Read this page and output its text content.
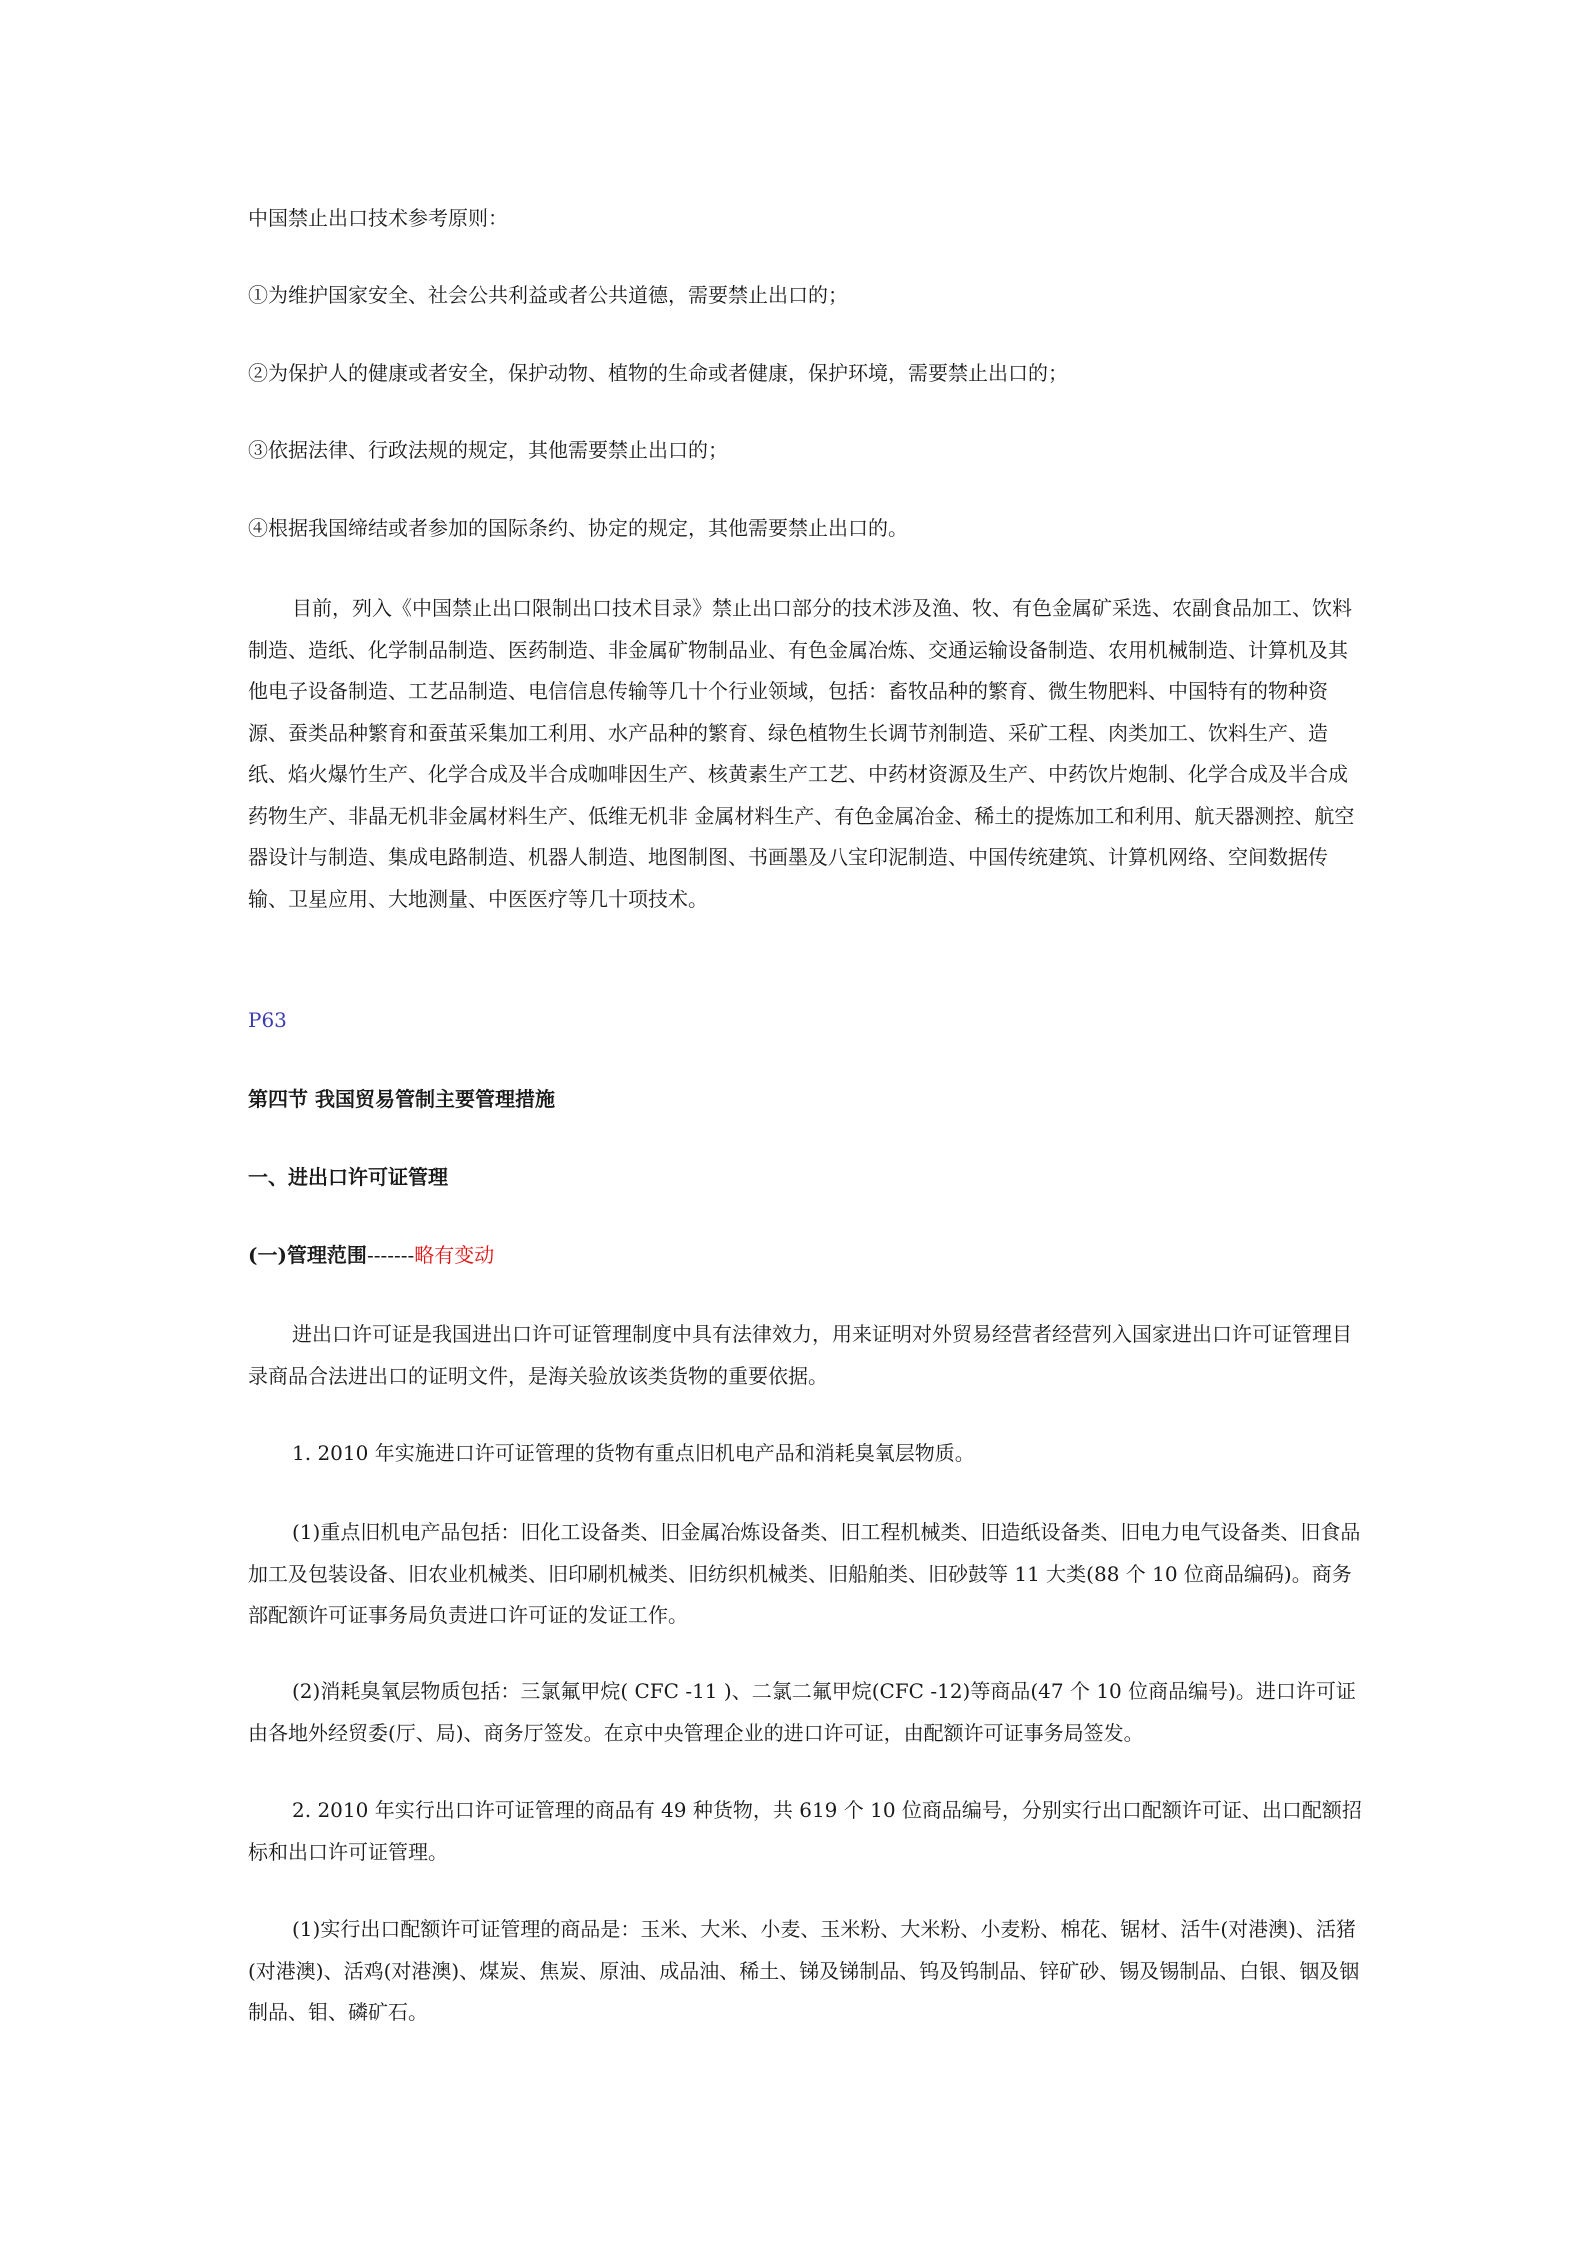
中国禁止出口技术参考原则：

①为维护国家安全、社会公共利益或者公共道德，需要禁止出口的；

②为保护人的健康或者安全，保护动物、植物的生命或者健康，保护环境，需要禁止出口的；

③依据法律、行政法规的规定，其他需要禁止出口的；

④根据我国缔结或者参加的国际条约、协定的规定，其他需要禁止出口的。

目前，列入《中国禁止出口限制出口技术目录》禁止出口部分的技术涉及渔、牧、有色金属矿采选、农副食品加工、饮料制造、造纸、化学制品制造、医药制造、非金属矿物制品业、有色金属冶炼、交通运输设备制造、农用机械制造、计算机及其他电子设备制造、工艺品制造、电信信息传输等几十个行业领域，包括：畜牧品种的繁育、微生物肥料、中国特有的物种资源、蚕类品种繁育和蚕茧采集加工利用、水产品种的繁育、绿色植物生长调节剂制造、采矿工程、肉类加工、饮料生产、造纸、焰火爆竹生产、化学合成及半合成咖啡因生产、核黄素生产工艺、中药材资源及生产、中药饮片炮制、化学合成及半合成药物生产、非晶无机非金属材料生产、低维无机非 金属材料生产、有色金属冶金、稀土的提炼加工和利用、航天器测控、航空器设计与制造、集成电路制造、机器人制造、地图制图、书画墨及八宝印泥制造、中国传统建筑、计算机网络、空间数据传输、卫星应用、大地测量、中医医疗等几十项技术。

P63

第四节 我国贸易管制主要管理措施

一、进出口许可证管理

(一)管理范围-------略有变动

进出口许可证是我国进出口许可证管理制度中具有法律效力，用来证明对外贸易经营者经营列入国家进出口许可证管理目录商品合法进出口的证明文件，是海关验放该类货物的重要依据。

1. 2010 年实施进口许可证管理的货物有重点旧机电产品和消耗臭氧层物质。

(1)重点旧机电产品包括：旧化工设备类、旧金属冶炼设备类、旧工程机械类、旧造纸设备类、旧电力电气设备类、旧食品加工及包装设备、旧农业机械类、旧印刷机械类、旧纺织机械类、旧船舶类、旧砂鼓等 11 大类(88 个 10 位商品编码)。商务部配额许可证事务局负责进口许可证的发证工作。

(2)消耗臭氧层物质包括：三氯氟甲烷( CFC -11 )、二氯二氟甲烷(CFC -12)等商品(47 个 10 位商品编号)。进口许可证由各地外经贸委(厅、局)、商务厅签发。在京中央管理企业的进口许可证，由配额许可证事务局签发。

2. 2010 年实行出口许可证管理的商品有 49 种货物，共 619 个 10 位商品编号，分别实行出口配额许可证、出口配额招标和出口许可证管理。

(1)实行出口配额许可证管理的商品是：玉米、大米、小麦、玉米粉、大米粉、小麦粉、棉花、锯材、活牛(对港澳)、活猪(对港澳)、活鸡(对港澳)、煤炭、焦炭、原油、成品油、稀土、锑及锑制品、钨及钨制品、锌矿砂、锡及锡制品、白银、铟及铟制品、钼、磷矿石。
